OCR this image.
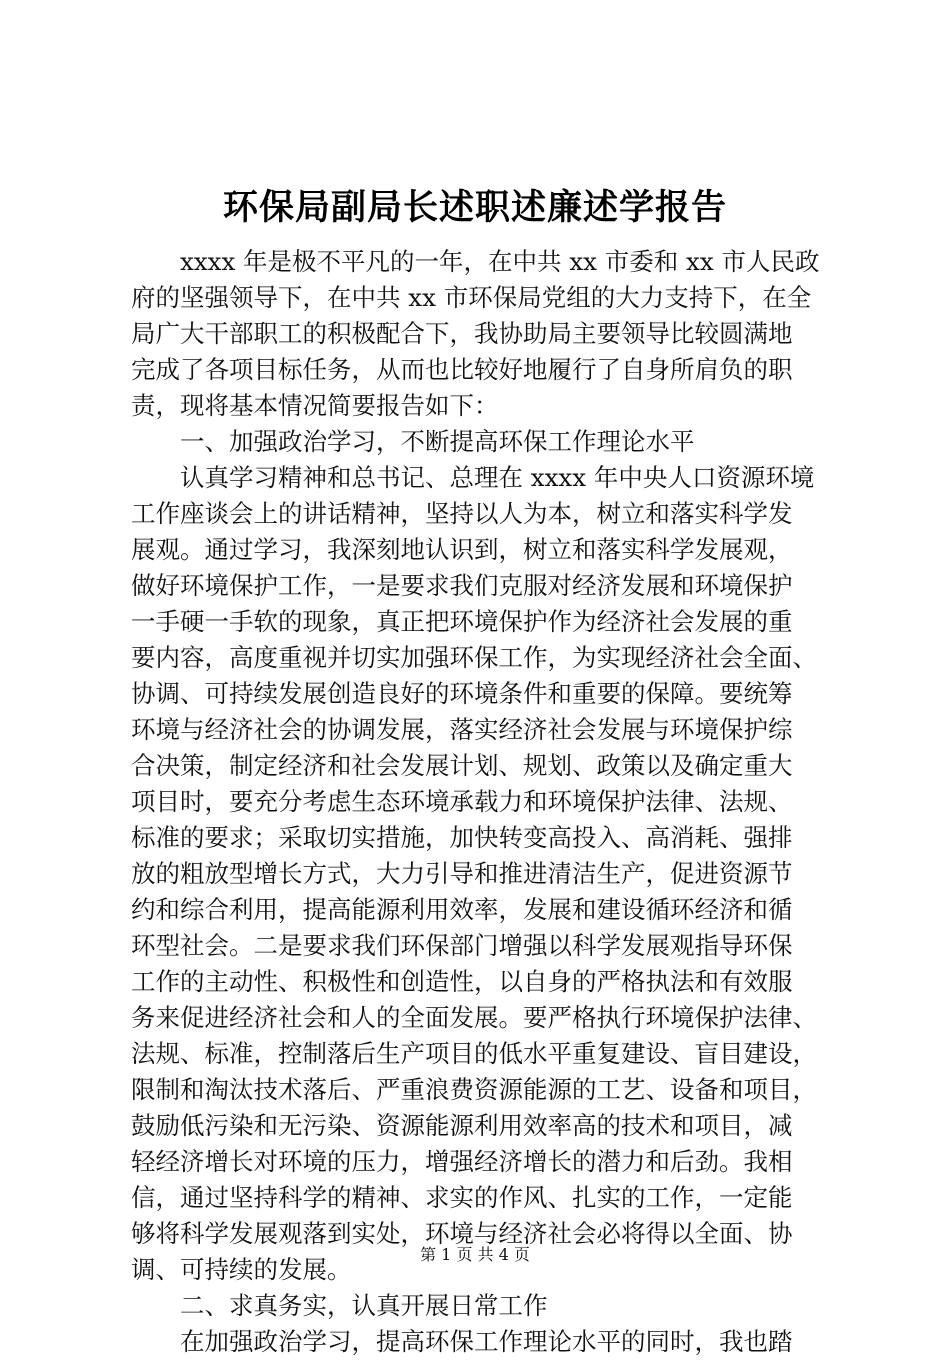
环保局副局长述职述廉述学报告
　　xxxx 年是极不平凡的一年，在中共 xx 市委和 xx 市人民政
府的坚强领导下，在中共 xx 市环保局党组的大力支持下，在全
局广大干部职工的积极配合下，我协助局主要领导比较圆满地
完成了各项目标任务，从而也比较好地履行了自身所肩负的职
责，现将基本情况简要报告如下：
　　一、加强政治学习，不断提高环保工作理论水平
　　认真学习精神和总书记、总理在 xxxx 年中央人口资源环境
工作座谈会上的讲话精神，坚持以人为本，树立和落实科学发
展观。通过学习，我深刻地认识到，树立和落实科学发展观，
做好环境保护工作，一是要求我们克服对经济发展和环境保护
一手硬一手软的现象，真正把环境保护作为经济社会发展的重
要内容，高度重视并切实加强环保工作，为实现经济社会全面、
协调、可持续发展创造良好的环境条件和重要的保障。要统筹
环境与经济社会的协调发展，落实经济社会发展与环境保护综
合决策，制定经济和社会发展计划、规划、政策以及确定重大
项目时，要充分考虑生态环境承载力和环境保护法律、法规、
标准的要求；采取切实措施，加快转变高投入、高消耗、强排
放的粗放型增长方式，大力引导和推进清洁生产，促进资源节
约和综合利用，提高能源利用效率，发展和建设循环经济和循
环型社会。二是要求我们环保部门增强以科学发展观指导环保
工作的主动性、积极性和创造性，以自身的严格执法和有效服
务来促进经济社会和人的全面发展。要严格执行环境保护法律、
法规、标准，控制落后生产项目的低水平重复建设、盲目建设，
限制和淘汰技术落后、严重浪费资源能源的工艺、设备和项目，
鼓励低污染和无污染、资源能源利用效率高的技术和项目，减
轻经济增长对环境的压力，增强经济增长的潜力和后劲。我相
信，通过坚持科学的精神、求实的作风、扎实的工作，一定能
够将科学发展观落到实处，环境与经济社会必将得以全面、协
调、可持续的发展。
　　二、求真务实，认真开展日常工作
　　在加强政治学习，提高环保工作理论水平的同时，我也踏
第 1 页 共 4 页
